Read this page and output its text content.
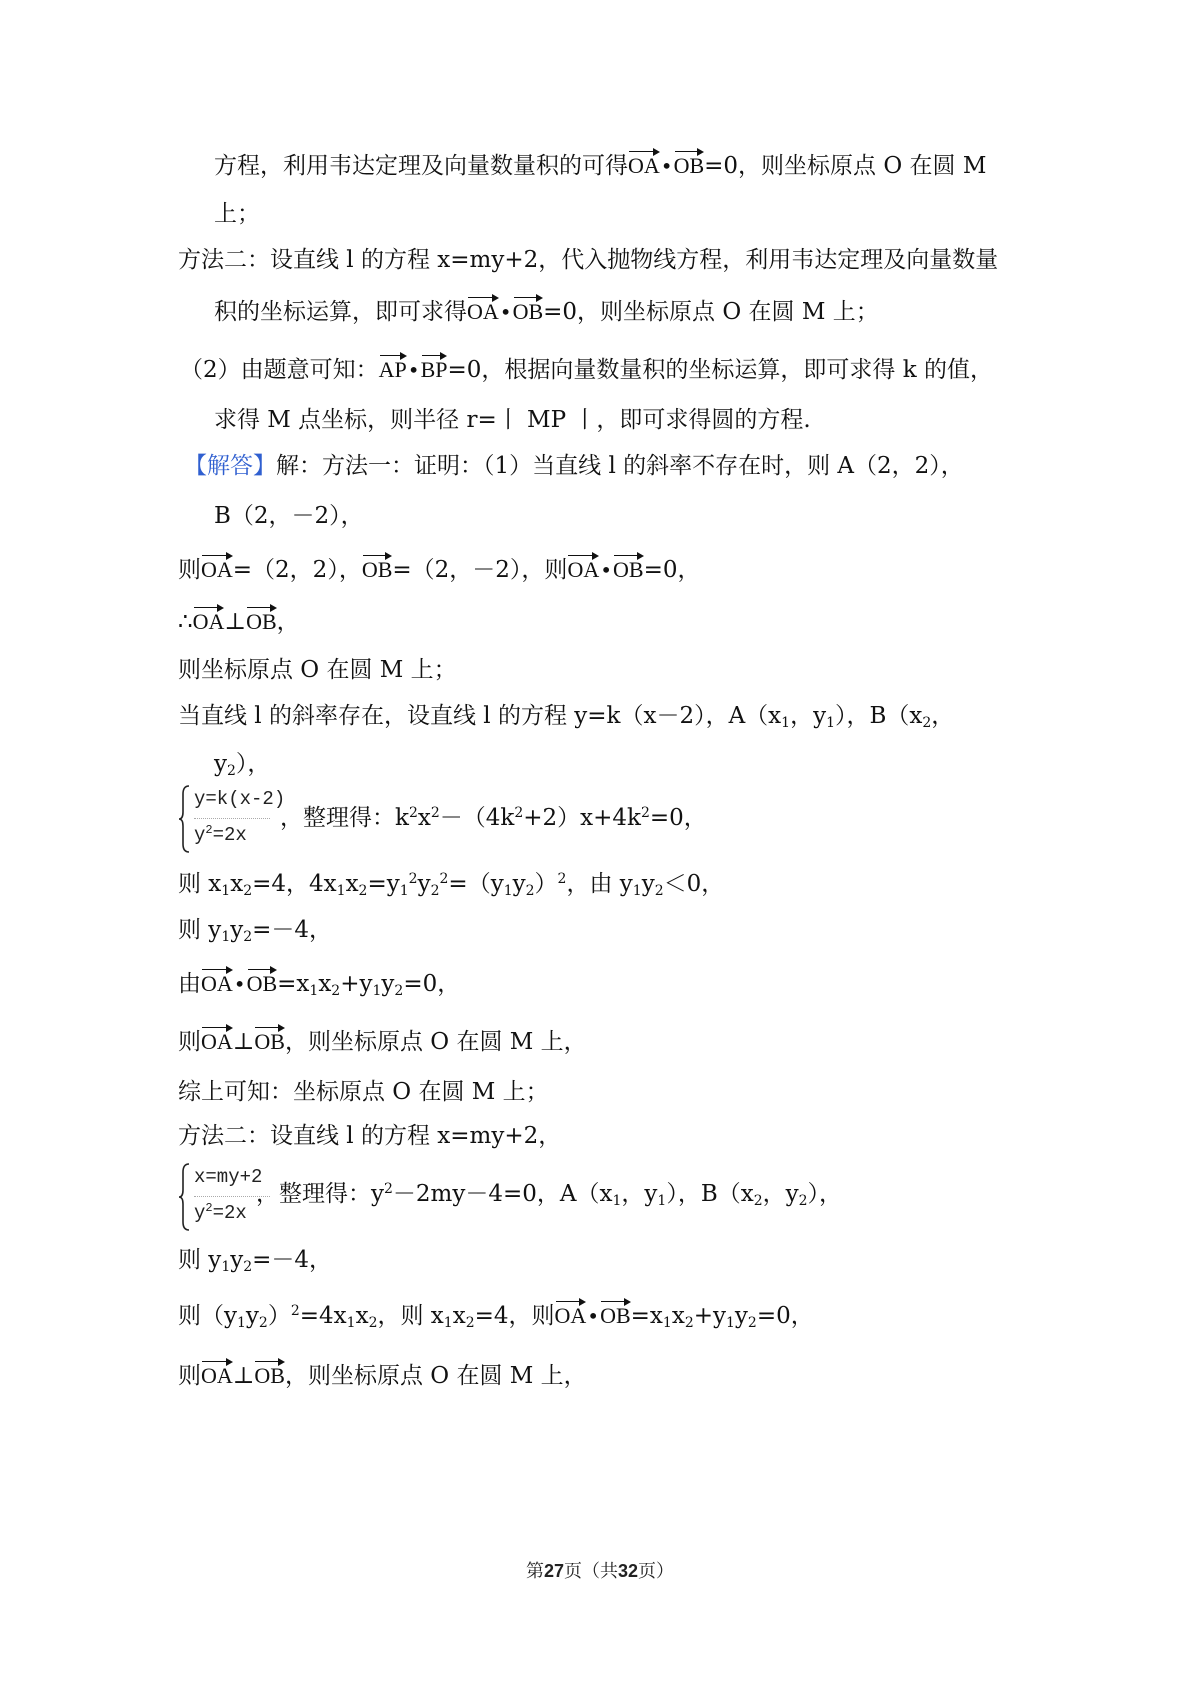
方程，利用韦达定理及向量数量积的可得OA•OB=0，则坐标原点 O 在圆 M
上；
方法二：设直线 l 的方程 x=my+2，代入抛物线方程，利用韦达定理及向量数量
积的坐标运算，即可求得OA•OB=0，则坐标原点 O 在圆 M 上；
（2）由题意可知：AP•BP=0，根据向量数量积的坐标运算，即可求得 k 的值，
求得 M 点坐标，则半径 r=丨 MP 丨，即可求得圆的方程.
【解答】解：方法一：证明：（1）当直线 l 的斜率不存在时，则 A（2，2），
B（2，－2），
则OA=（2，2），OB=（2，－2），则OA•OB=0，
∴OA⊥OB，
则坐标原点 O 在圆 M 上；
当直线 l 的斜率存在，设直线 l 的方程 y=k（x－2），$A(x_1$，$y_1$），$B(x_2$，
$y_2$），
y=k(x-2)
$y^2=2x$
，整理得：$k^2x^2-(4k^2+2)x+4k^2=0$，
则 $x_1x_2=4$，$4x_1x_2=y_1^2y_2^2=(y_1y_2)^2$，由 $y_1y_2<0$，
则 $y_1y_2=-4$，
由$OA•OB=x_1x_2+y_1y_2=0$，
则OA⊥OB，则坐标原点 O 在圆 M 上，
综上可知：坐标原点 O 在圆 M 上；
方法二：设直线 l 的方程 x=my+2，
x=my+2
$y^2=2x$
，整理得：$y^2-2my-4=0$，$A(x_1$，$y_1$），$B(x_2$，$y_2$），
则 $y_1y_2=-4$，
则$(y_1y_2)^2=4x_1x_2$，则 $x_1x_2=4$，则$OA•OB=x_1x_2+y_1y_2=0$，
则OA⊥OB，则坐标原点 O 在圆 M 上，
第27页（共32页）
